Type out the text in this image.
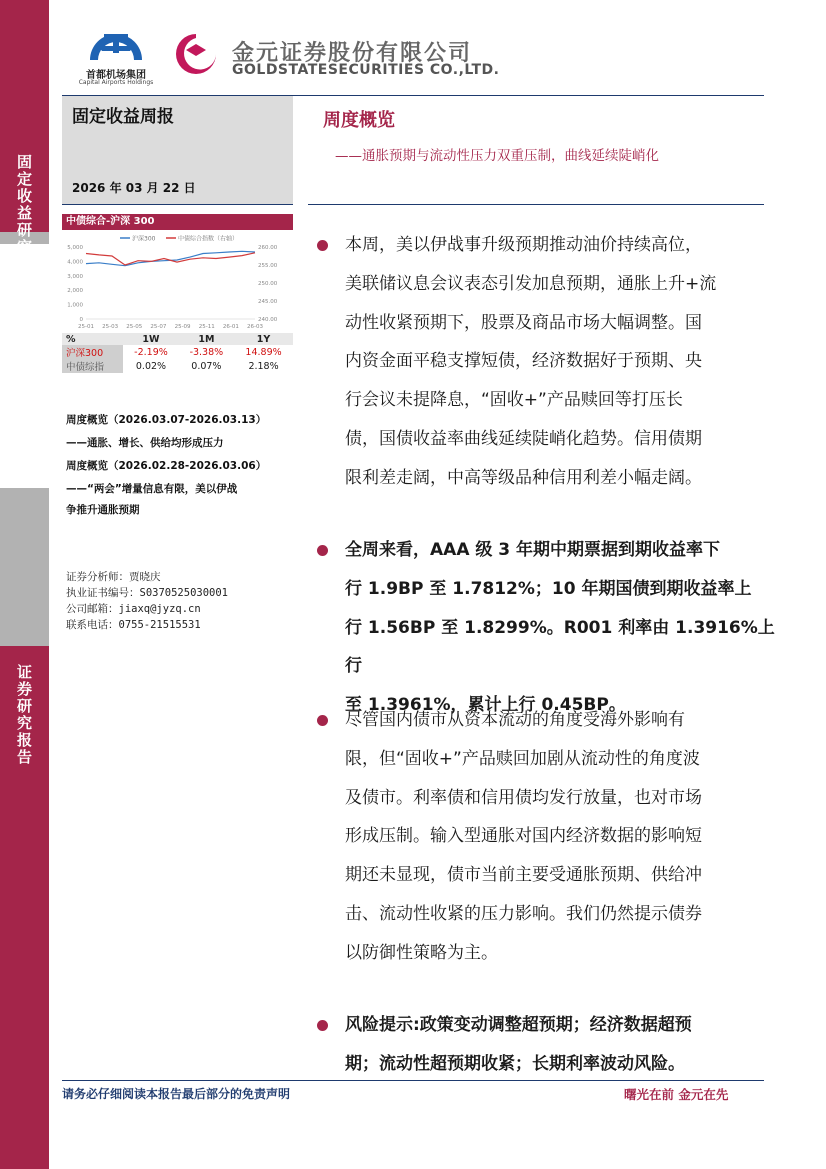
固定收益研究
证券研究报告
首都机场集团
Capital Airports Holdings
金元证券股份有限公司
GOLDSTATESECURITIES CO.,LTD.
固定收益周报
2026 年 03 月 22 日
中债综合-沪深 300
沪深300	中债综合指数（右轴）
5,000
4,000
3,000
2,000
1,000
0
260.00
255.00
250.00
245.00
240.00
25-01 25-03 25-05 25-07 25-09 25-11 26-01 26-03
%	1W	1M	1Y
沪深300	-2.19%	-3.38%	14.89%
中债综指	0.02%	0.07%	2.18%
周度概览（2026.03.07-2026.03.13）
——通胀、增长、供给均形成压力
周度概览（2026.02.28-2026.03.06）
——“两会”增量信息有限，美以伊战
争推升通胀预期
证券分析师：贾晓庆
执业证书编号：S0370525030001
公司邮箱：jiaxq@jyzq.cn
联系电话：0755-21515531
周度概览
——通胀预期与流动性压力双重压制，曲线延续陡峭化
本周，美以伊战事升级预期推动油价持续高位，
美联储议息会议表态引发加息预期，通胀上升+流
动性收紧预期下，股票及商品市场大幅调整。国
内资金面平稳支撑短债，经济数据好于预期、央
行会议未提降息，“固收+”产品赎回等打压长
债，国债收益率曲线延续陡峭化趋势。信用债期
限利差走阔，中高等级品种信用利差小幅走阔。
全周来看，AAA 级 3 年期中期票据到期收益率下
行 1.9BP 至 1.7812%；10 年期国债到期收益率上
行 1.56BP 至 1.8299%。R001 利率由 1.3916%上行
至 1.3961%，累计上行 0.45BP。
尽管国内债市从资本流动的角度受海外影响有
限，但“固收+”产品赎回加剧从流动性的角度波
及债市。利率债和信用债均发行放量，也对市场
形成压制。输入型通胀对国内经济数据的影响短
期还未显现，债市当前主要受通胀预期、供给冲
击、流动性收紧的压力影响。我们仍然提示债券
以防御性策略为主。
风险提示:政策变动调整超预期；经济数据超预
期；流动性超预期收紧；长期利率波动风险。
请务必仔细阅读本报告最后部分的免责声明	曙光在前 金元在先
